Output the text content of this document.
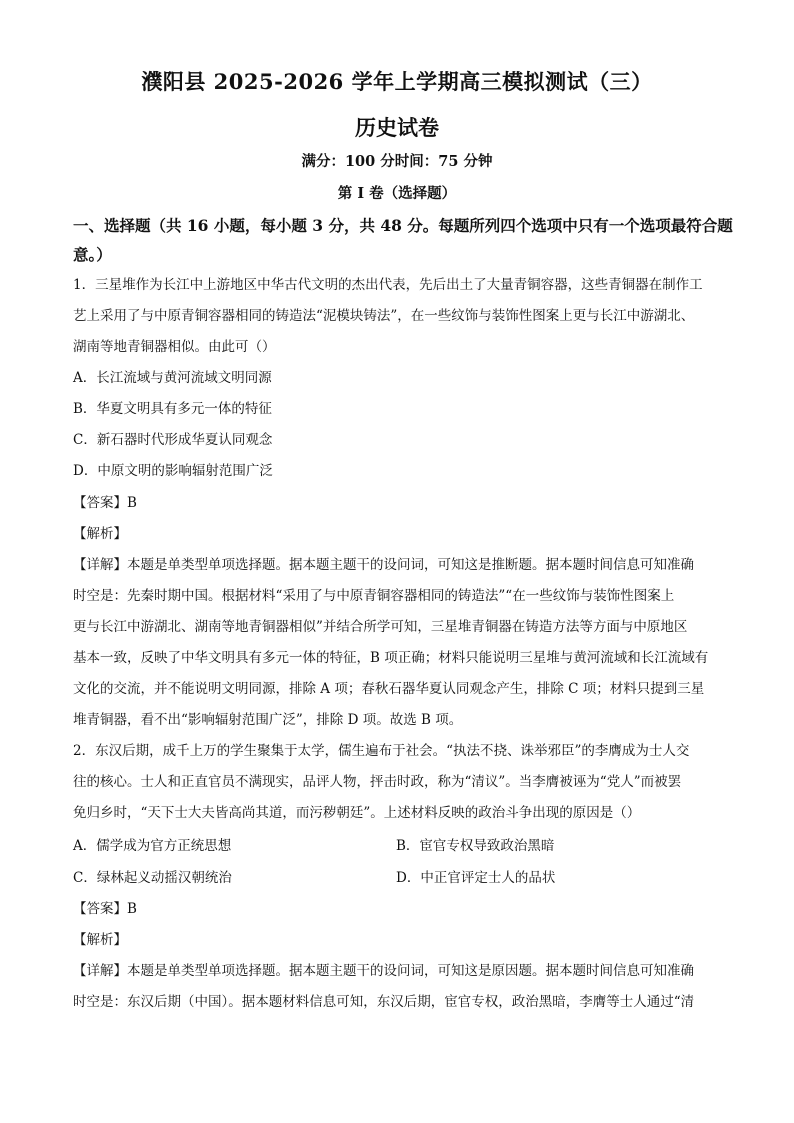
濮阳县 2025-2026 学年上学期高三模拟测试（三）
历史试卷
满分：100 分时间：75 分钟
第 I 卷（选择题）
一、选择题（共 16 小题，每小题 3 分，共 48 分。每题所列四个选项中只有一个选项最符合题意。）
1．三星堆作为长江中上游地区中华古代文明的杰出代表，先后出土了大量青铜容器，这些青铜器在制作工
艺上采用了与中原青铜容器相同的铸造法“泥模块铸法”，在一些纹饰与装饰性图案上更与长江中游湖北、
湖南等地青铜器相似。由此可（）
A．长江流域与黄河流域文明同源
B．华夏文明具有多元一体的特征
C．新石器时代形成华夏认同观念
D．中原文明的影响辐射范围广泛
【答案】B
【解析】
【详解】本题是单类型单项选择题。据本题主题干的设问词，可知这是推断题。据本题时间信息可知准确
时空是：先秦时期中国。根据材料“采用了与中原青铜容器相同的铸造法”“在一些纹饰与装饰性图案上
更与长江中游湖北、湖南等地青铜器相似”并结合所学可知，三星堆青铜器在铸造方法等方面与中原地区
基本一致，反映了中华文明具有多元一体的特征，B 项正确；材料只能说明三星堆与黄河流域和长江流域有
文化的交流，并不能说明文明同源，排除 A 项；春秋石器华夏认同观念产生，排除 C 项；材料只提到三星
堆青铜器，看不出“影响辐射范围广泛”，排除 D 项。故选 B 项。
2．东汉后期，成千上万的学生聚集于太学，儒生遍布于社会。“执法不挠、诛举邪臣”的李膺成为士人交
往的核心。士人和正直官员不满现实，品评人物，抨击时政，称为“清议”。当李膺被诬为“党人”而被罢
免归乡时，“天下士大夫皆高尚其道，而污秽朝廷”。上述材料反映的政治斗争出现的原因是（）
A．儒学成为官方正统思想	B．宦官专权导致政治黑暗
C．绿林起义动摇汉朝统治	D．中正官评定士人的品状
【答案】B
【解析】
【详解】本题是单类型单项选择题。据本题主题干的设问词，可知这是原因题。据本题时间信息可知准确
时空是：东汉后期（中国）。据本题材料信息可知，东汉后期，宦官专权，政治黑暗，李膺等士人通过“清
